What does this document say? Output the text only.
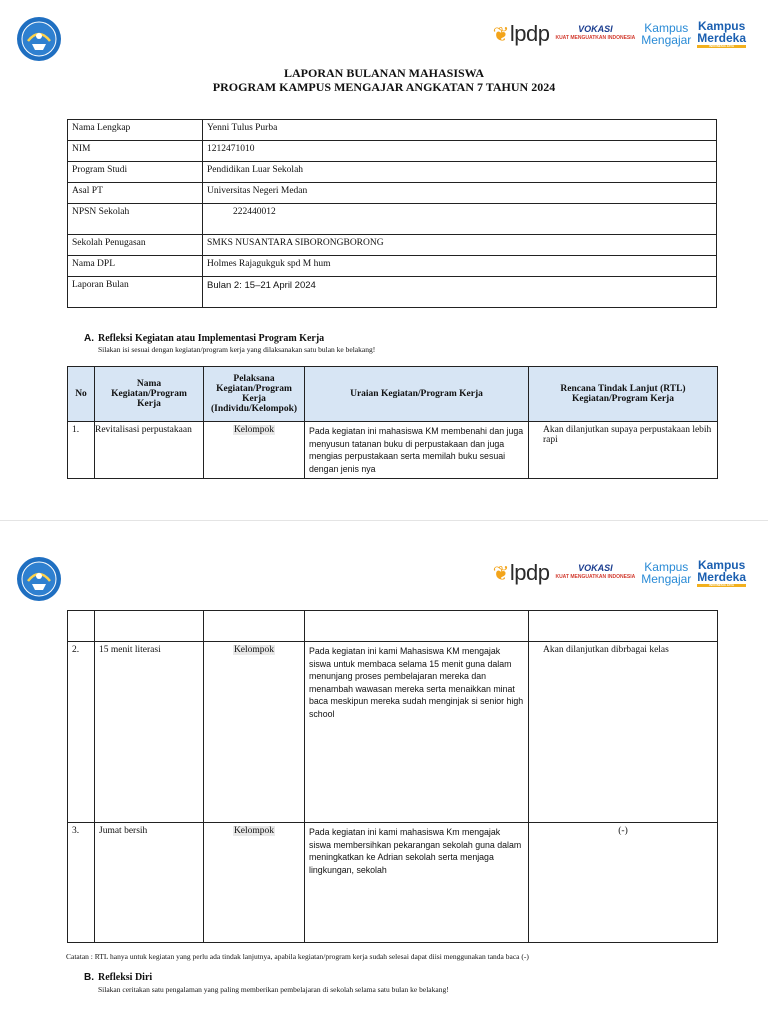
❦ lpdp	VOKASI
KUAT MENGUATKAN INDONESIA
Kampus
Mengajar
Kampus
Merdeka
INDONESIA JAYA
LAPORAN BULANAN MAHASISWA
PROGRAM KAMPUS MENGAJAR ANGKATAN 7 TAHUN 2024
Nama Lengkap	Yenni Tulus Purba
NIM	1212471010
Program Studi	Pendidikan Luar Sekolah
Asal PT	Universitas Negeri Medan
NPSN Sekolah	222440012
Sekolah Penugasan	SMKS NUSANTARA SIBORONGBORONG
Nama DPL	Holmes Rajagukguk spd M hum
Laporan Bulan	Bulan 2: 15–21 April 2024
A. Refleksi Kegiatan atau Implementasi Program Kerja
Silakan isi sesuai dengan kegiatan/program kerja yang dilaksanakan satu bulan ke belakang!
No	Nama Kegiatan/Program Kerja	Pelaksana Kegiatan/Program Kerja (Individu/Kelompok)	Uraian Kegiatan/Program Kerja	Rencana Tindak Lanjut (RTL) Kegiatan/Program Kerja
1.	Revitalisasi perpustakaan	Kelompok	Pada kegiatan ini mahasiswa KM membenahi dan juga menyusun tatanan buku di perpustakaan dan juga mengias perpustakaan serta memilah buku sesuai dengan jenis nya	Akan dilanjutkan supaya perpustakaan lebih rapi
❦ lpdp	VOKASI
KUAT MENGUATKAN INDONESIA
Kampus
Mengajar
Kampus
Merdeka
INDONESIA JAYA

2.	15 menit literasi	Kelompok	Pada kegiatan ini kami Mahasiswa KM mengajak siswa untuk membaca selama 15 menit guna dalam menunjang proses pembelajaran mereka dan menambah wawasan mereka serta menaikkan minat baca meskipun mereka sudah menginjak si senior high school	Akan dilanjutkan dibrbagai kelas
3.	Jumat bersih	Kelompok	Pada kegiatan ini kami mahasiswa Km mengajak siswa membersihkan pekarangan sekolah guna dalam meningkatkan ke Adrian sekolah serta menjaga lingkungan, sekolah	(-)
Catatan : RTL hanya untuk kegiatan yang perlu ada tindak lanjutnya, apabila kegiatan/program kerja sudah selesai dapat diisi menggunakan tanda baca (-)
B. Refleksi Diri
Silakan ceritakan satu pengalaman yang paling memberikan pembelajaran di sekolah selama satu bulan ke belakang!
